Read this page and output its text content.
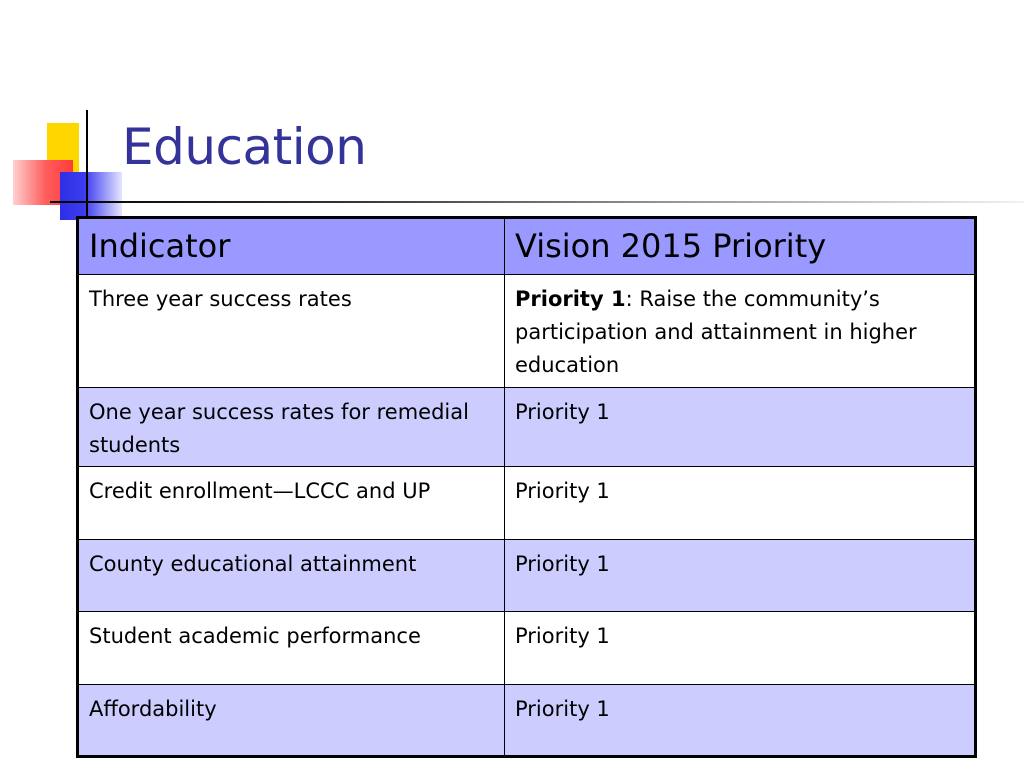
Education
Indicator	Vision 2015 Priority
Three year success rates	Priority 1: Raise the community’s participation and attainment in higher education
One year success rates for remedial students	Priority 1
Credit enrollment—LCCC and UP	Priority 1
County educational attainment	Priority 1
Student academic performance	Priority 1
Affordability	Priority 1
